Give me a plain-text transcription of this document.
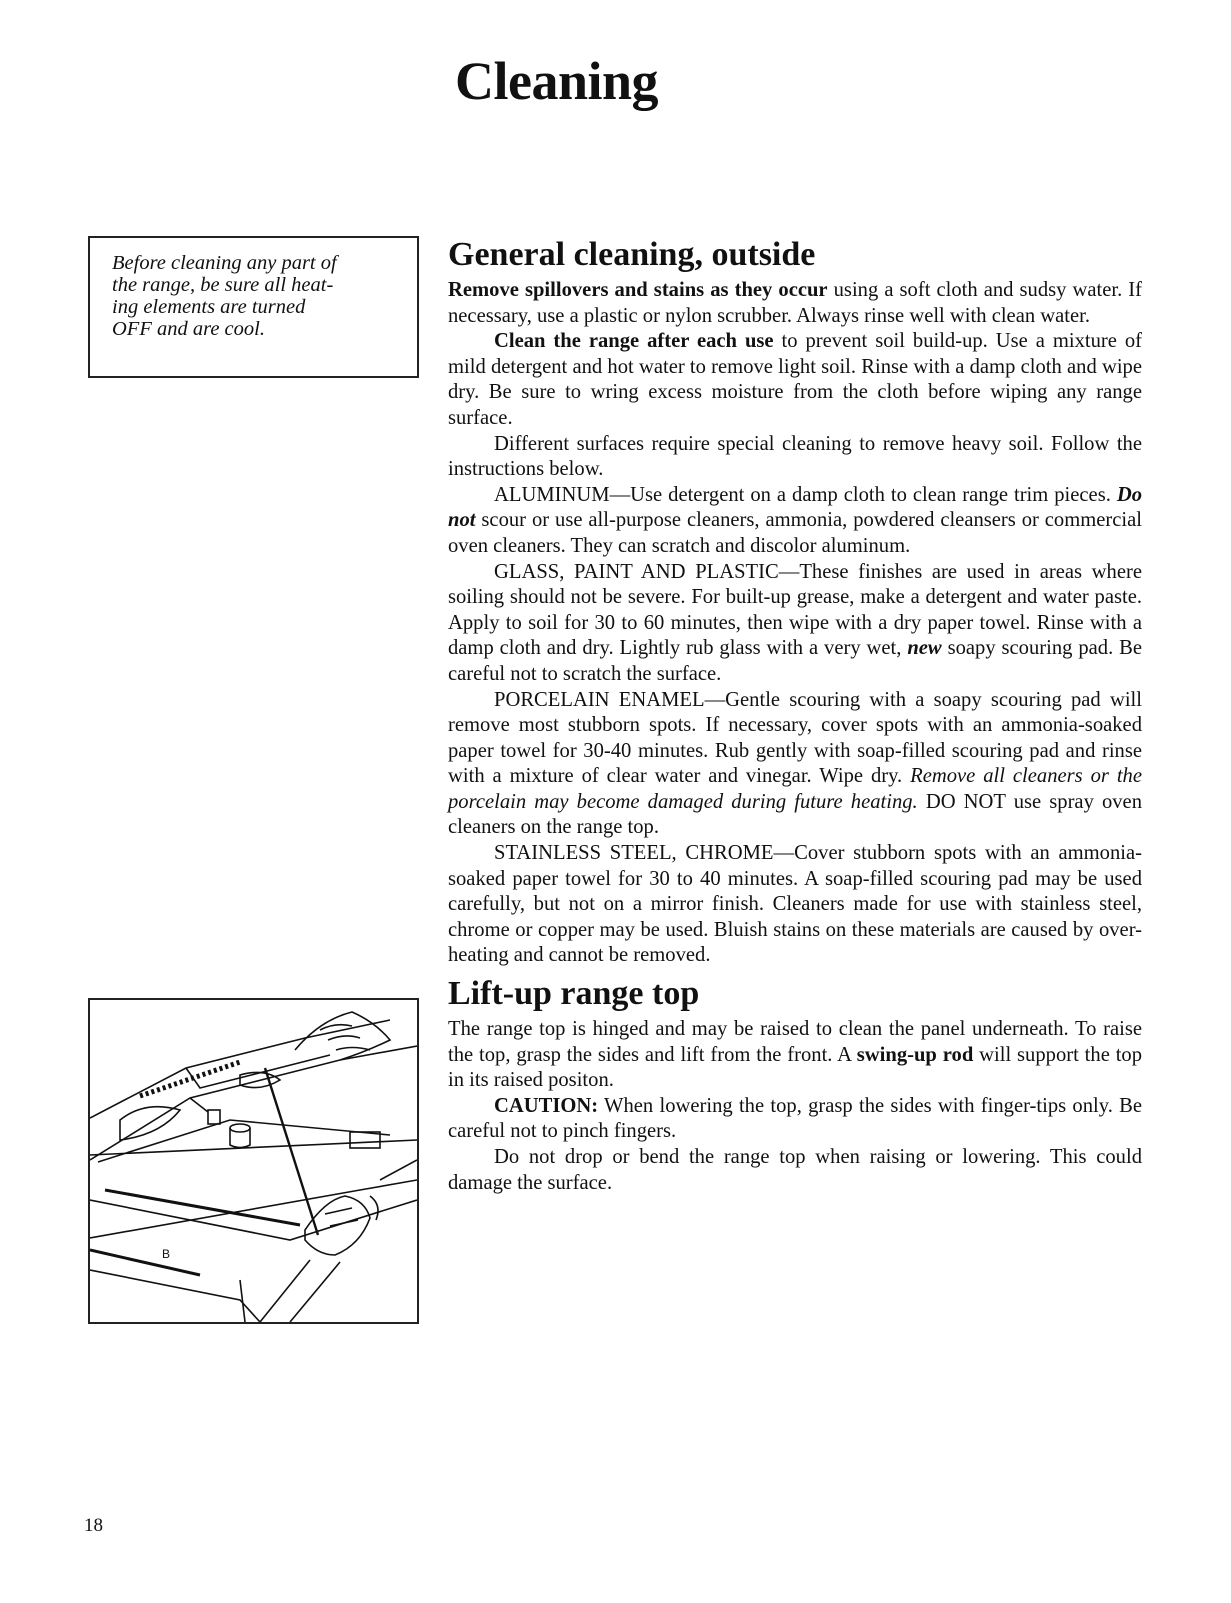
Cleaning
Before cleaning any part of
the range, be sure all heat-
ing elements are turned
OFF and are cool.
B
General cleaning, outside

Remove spillovers and stains as they occur using a soft cloth and sudsy water. If necessary, use a plastic or nylon scrubber. Always rinse well with clean water.

Clean the range after each use to prevent soil build-up. Use a mixture of mild detergent and hot water to remove light soil. Rinse with a damp cloth and wipe dry. Be sure to wring excess moisture from the cloth before wiping any range surface.

Different surfaces require special cleaning to remove heavy soil. Follow the instructions below.

ALUMINUM—Use detergent on a damp cloth to clean range trim pieces. Do not scour or use all-purpose cleaners, ammonia, powdered cleansers or commercial oven cleaners. They can scratch and discolor aluminum.

GLASS, PAINT AND PLASTIC—These finishes are used in areas where soiling should not be severe. For built-up grease, make a detergent and water paste. Apply to soil for 30 to 60 minutes, then wipe with a dry paper towel. Rinse with a damp cloth and dry. Lightly rub glass with a very wet, new soapy scouring pad. Be careful not to scratch the surface.

PORCELAIN ENAMEL—Gentle scouring with a soapy scouring pad will remove most stubborn spots. If necessary, cover spots with an ammonia-soaked paper towel for 30-40 minutes. Rub gently with soap-filled scouring pad and rinse with a mixture of clear water and vinegar. Wipe dry. Remove all cleaners or the porcelain may become damaged during future heating. DO NOT use spray oven cleaners on the range top.

STAINLESS STEEL, CHROME—Cover stubborn spots with an ammonia-soaked paper towel for 30 to 40 minutes. A soap-filled scouring pad may be used carefully, but not on a mirror finish. Cleaners made for use with stainless steel, chrome or copper may be used. Bluish stains on these materials are caused by over-heating and cannot be removed.

Lift-up range top

The range top is hinged and may be raised to clean the panel underneath. To raise the top, grasp the sides and lift from the front. A swing-up rod will support the top in its raised positon.

CAUTION: When lowering the top, grasp the sides with finger-tips only. Be careful not to pinch fingers.

Do not drop or bend the range top when raising or lowering. This could damage the surface.

18
